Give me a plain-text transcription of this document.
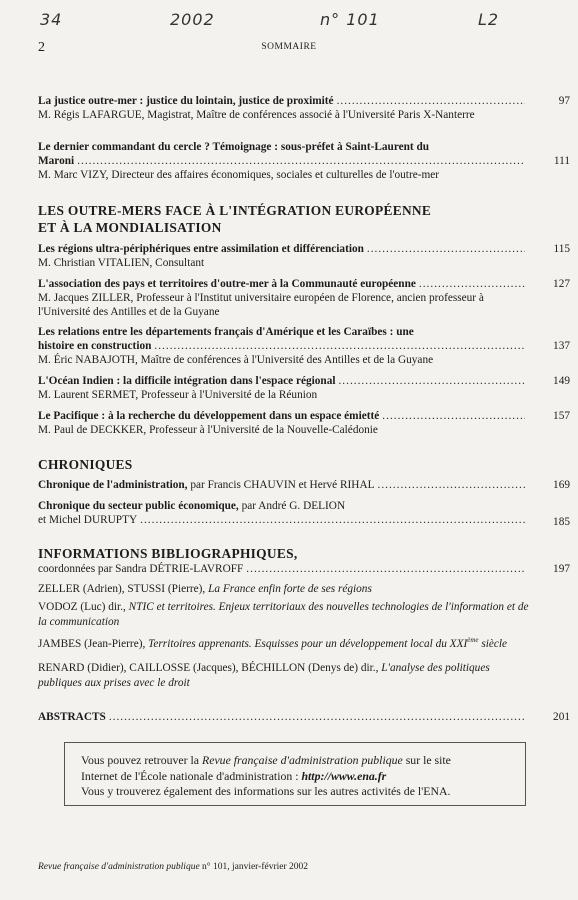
34	2002	n° 101	L2
2	SOMMAIRE
La justice outre-mer : justice du lointain, justice de proximité .....	97
M. Régis LAFARGUE, Magistrat, Maître de conférences associé à l'Université Paris X-Nanterre
Le dernier commandant du cercle ? Témoignage : sous-préfet à Saint-Laurent du
Maroni .....	111
M. Marc VIZY, Directeur des affaires économiques, sociales et culturelles de l'outre-mer
LES OUTRE-MERS FACE À L'INTÉGRATION EUROPÉENNE
ET À LA MONDIALISATION
Les régions ultra-périphériques entre assimilation et différenciation .....	115
M. Christian VITALIEN, Consultant
L'association des pays et territoires d'outre-mer à la Communauté européenne .....	127
M. Jacques ZILLER, Professeur à l'Institut universitaire européen de Florence, ancien professeur à l'Université des Antilles et de la Guyane
Les relations entre les départements français d'Amérique et les Caraïbes : une
histoire en construction .....	137
M. Éric NABAJOTH, Maître de conférences à l'Université des Antilles et de la Guyane
L'Océan Indien : la difficile intégration dans l'espace régional .....	149
M. Laurent SERMET, Professeur à l'Université de la Réunion
Le Pacifique : à la recherche du développement dans un espace émietté .....	157
M. Paul de DECKKER, Professeur à l'Université de la Nouvelle-Calédonie
CHRONIQUES
Chronique de l'administration, par Francis CHAUVIN et Hervé RIHAL .....	169
Chronique du secteur public économique, par André G. DELION
et Michel DURUPTY .....	185
INFORMATIONS BIBLIOGRAPHIQUES,
coordonnées par Sandra DÉTRIE-LAVROFF .....	197
ZELLER (Adrien), STUSSI (Pierre), La France enfin forte de ses régions
VODOZ (Luc) dir., NTIC et territoires. Enjeux territoriaux des nouvelles technologies de l'information et de la communication
JAMBES (Jean-Pierre), Territoires apprenants. Esquisses pour un développement local du XXIème siècle
RENARD (Didier), CAILLOSSE (Jacques), BÉCHILLON (Denys de) dir., L'analyse des politiques publiques aux prises avec le droit
ABSTRACTS .....	201
Vous pouvez retrouver la Revue française d'administration publique sur le site
Internet de l'École nationale d'administration : http://www.ena.fr
Vous y trouverez également des informations sur les autres activités de l'ENA.
Revue française d'administration publique n° 101, janvier-février 2002
